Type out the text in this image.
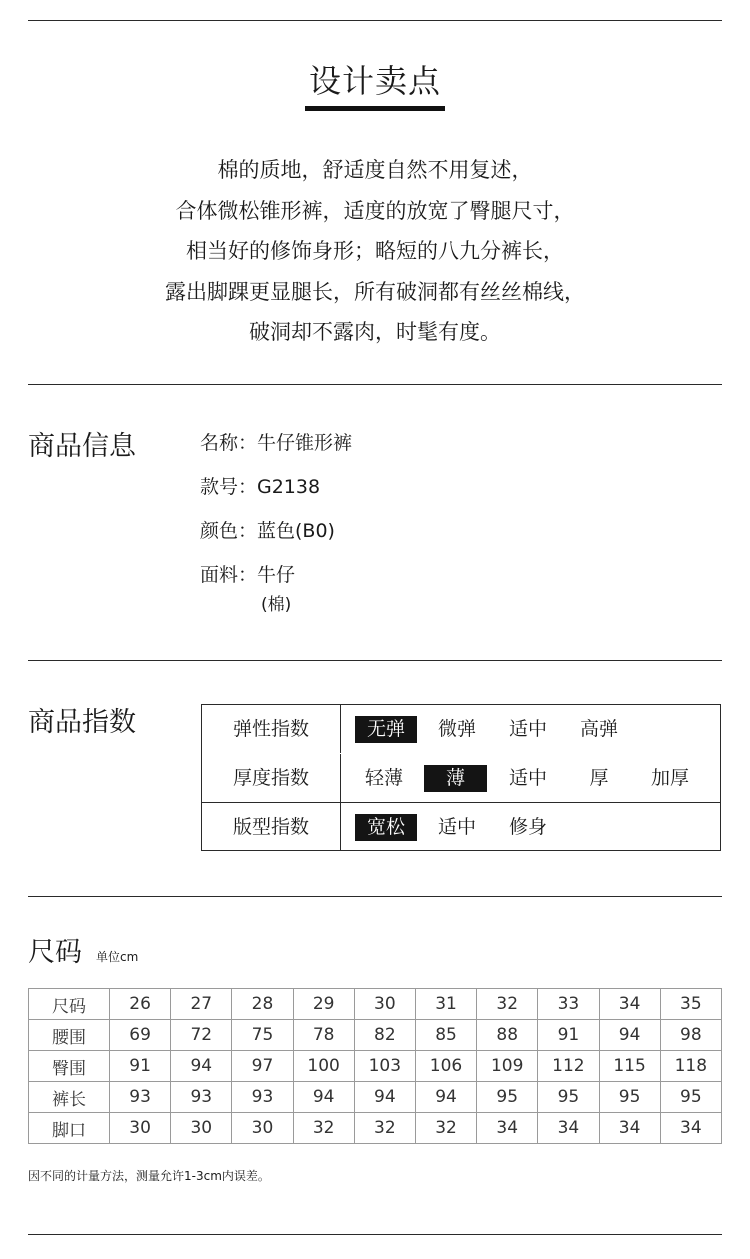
设计卖点
棉的质地，舒适度自然不用复述，
合体微松锥形裤，适度的放宽了臀腿尺寸，
相当好的修饰身形；略短的八九分裤长，
露出脚踝更显腿长，所有破洞都有丝丝棉线，
破洞却不露肉，时髦有度。
商品信息	名称：牛仔锥形裤
款号：G2138
颜色：蓝色(B0)
面料：牛仔
(棉)
商品指数	弹性指数	无弹	微弹	适中	高弹
厚度指数	轻薄	薄	适中	厚	加厚
版型指数	宽松	适中	修身
尺码 单位cm
尺码	26	27	28	29	30	31	32	33	34	35
腰围	69	72	75	78	82	85	88	91	94	98
臀围	91	94	97	100	103	106	109	112	115	118
裤长	93	93	93	94	94	94	95	95	95	95
脚口	30	30	30	32	32	32	34	34	34	34
因不同的计量方法，测量允许1-3cm内误差。
